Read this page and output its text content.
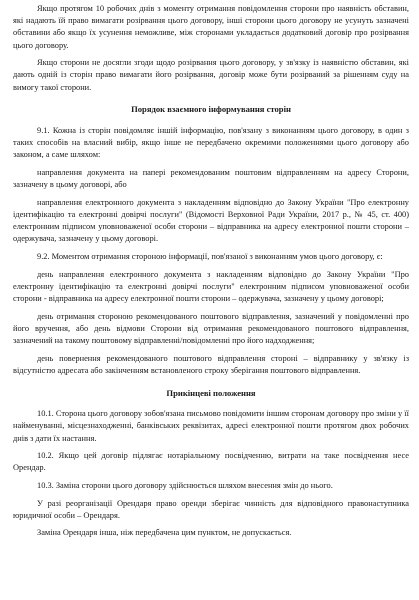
Якщо протягом 10 робочих днів з моменту отримання повідомлення сторони про наявність обставин, які надають їй право вимагати розірвання цього договору, інші сторони цього договору не усунуть зазначені обставини або якщо їх усунення неможливе, між сторонами укладається додатковий договір про розірвання цього договору.

Якщо сторони не досягли згоди щодо розірвання цього договору, у зв'язку із наявністю обставин, які дають одній із сторін право вимагати його розірвання, договір може бути розірваний за рішенням суду на вимогу такої сторони.

Порядок взаємного інформування сторін

9.1. Кожна із сторін повідомляє іншій інформацію, пов'язану з виконанням цього договору, в один з таких способів на власний вибір, якщо інше не передбачено окремими положеннями цього договору або законом, а саме шляхом:

направлення документа на папері рекомендованим поштовим відправленням на адресу Сторони, зазначену в цьому договорі, або

направлення електронного документа з накладенням відповідно до Закону України "Про електронну ідентифікацію та електронні довірчі послуги" (Відомості Верховної Ради України, 2017 р., № 45, ст. 400) електронним підписом уповноваженої особи сторони – відправника на адресу електронної пошти сторони – одержувача, зазначену у цьому договорі.

9.2. Моментом отримання стороною інформації, пов'язаної з виконанням умов цього договору, є:

день направлення електронного документа з накладенням відповідно до Закону України "Про електронну ідентифікацію та електронні довірчі послуги" електронним підписом уповноваженої особи сторони - відправника на адресу електронної пошти сторони – одержувача, зазначену у цьому договорі;

день отримання стороною рекомендованого поштового відправлення, зазначений у повідомленні про його вручення, або день відмови Сторони від отримання рекомендованого поштового відправлення, зазначений на такому поштовому відправленні/повідомленні про його надходження;

день повернення рекомендованого поштового відправлення стороні – відправнику у зв'язку із відсутністю адресата або закінченням встановленого строку зберігання поштового відправлення.

Прикінцеві положення

10.1. Сторона цього договору зобов'язана письмово повідомити іншим сторонам договору про зміни у її найменуванні, місцезнаходженні, банківських реквізитах, адресі електронної пошти протягом двох робочих днів з дати їх настання.

10.2. Якщо цей договір підлягає нотаріальному посвідченню, витрати на таке посвідчення несе Орендар.

10.3. Заміна сторони цього договору здійснюється шляхом внесення змін до нього.

У разі реорганізації Орендаря право оренди зберігає чинність для відповідного правонаступника юридичної особи – Орендаря.

Заміна Орендаря інша, ніж передбачена цим пунктом, не допускається.
